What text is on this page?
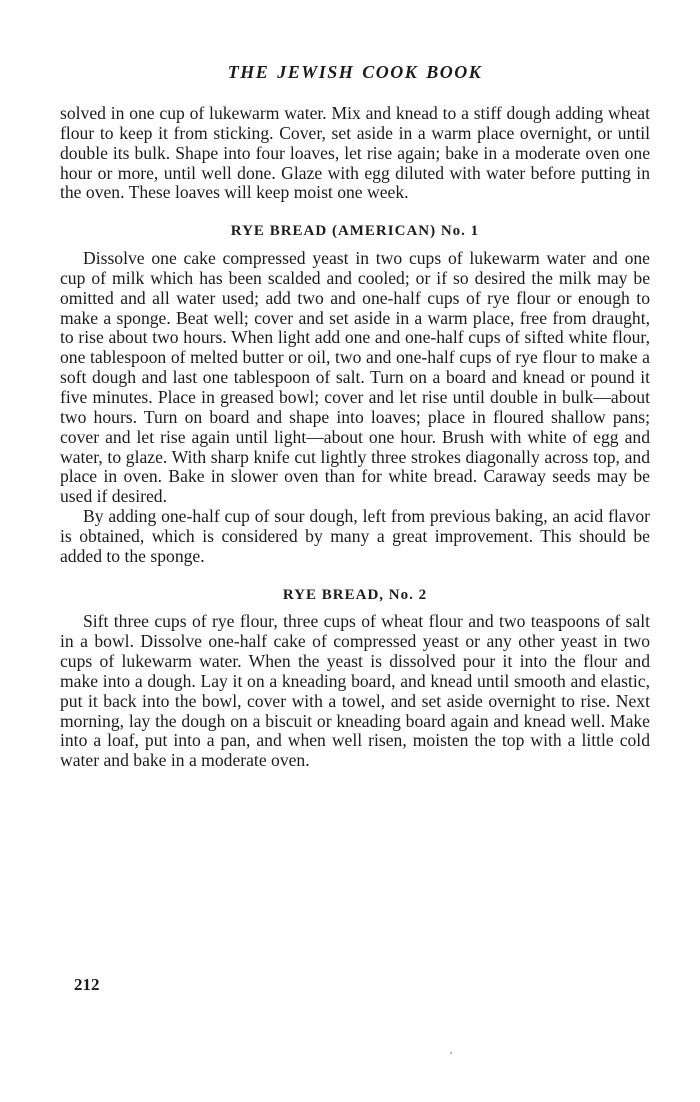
THE JEWISH COOK BOOK

solved in one cup of lukewarm water. Mix and knead to a stiff dough adding wheat flour to keep it from sticking. Cover, set aside in a warm place overnight, or until double its bulk. Shape into four loaves, let rise again; bake in a moderate oven one hour or more, until well done. Glaze with egg diluted with water before putting in the oven. These loaves will keep moist one week.

RYE BREAD (AMERICAN) No. 1

Dissolve one cake compressed yeast in two cups of lukewarm water and one cup of milk which has been scalded and cooled; or if so desired the milk may be omitted and all water used; add two and one-half cups of rye flour or enough to make a sponge. Beat well; cover and set aside in a warm place, free from draught, to rise about two hours. When light add one and one-half cups of sifted white flour, one tablespoon of melted butter or oil, two and one-half cups of rye flour to make a soft dough and last one tablespoon of salt. Turn on a board and knead or pound it five minutes. Place in greased bowl; cover and let rise until double in bulk—about two hours. Turn on board and shape into loaves; place in floured shallow pans; cover and let rise again until light—about one hour. Brush with white of egg and water, to glaze. With sharp knife cut lightly three strokes diagonally across top, and place in oven. Bake in slower oven than for white bread. Caraway seeds may be used if desired.

By adding one-half cup of sour dough, left from previous baking, an acid flavor is obtained, which is considered by many a great improvement. This should be added to the sponge.

RYE BREAD, No. 2

Sift three cups of rye flour, three cups of wheat flour and two teaspoons of salt in a bowl. Dissolve one-half cake of compressed yeast or any other yeast in two cups of lukewarm water. When the yeast is dissolved pour it into the flour and make into a dough. Lay it on a kneading board, and knead until smooth and elastic, put it back into the bowl, cover with a towel, and set aside overnight to rise. Next morning, lay the dough on a biscuit or kneading board again and knead well. Make into a loaf, put into a pan, and when well risen, moisten the top with a little cold water and bake in a moderate oven.

212
